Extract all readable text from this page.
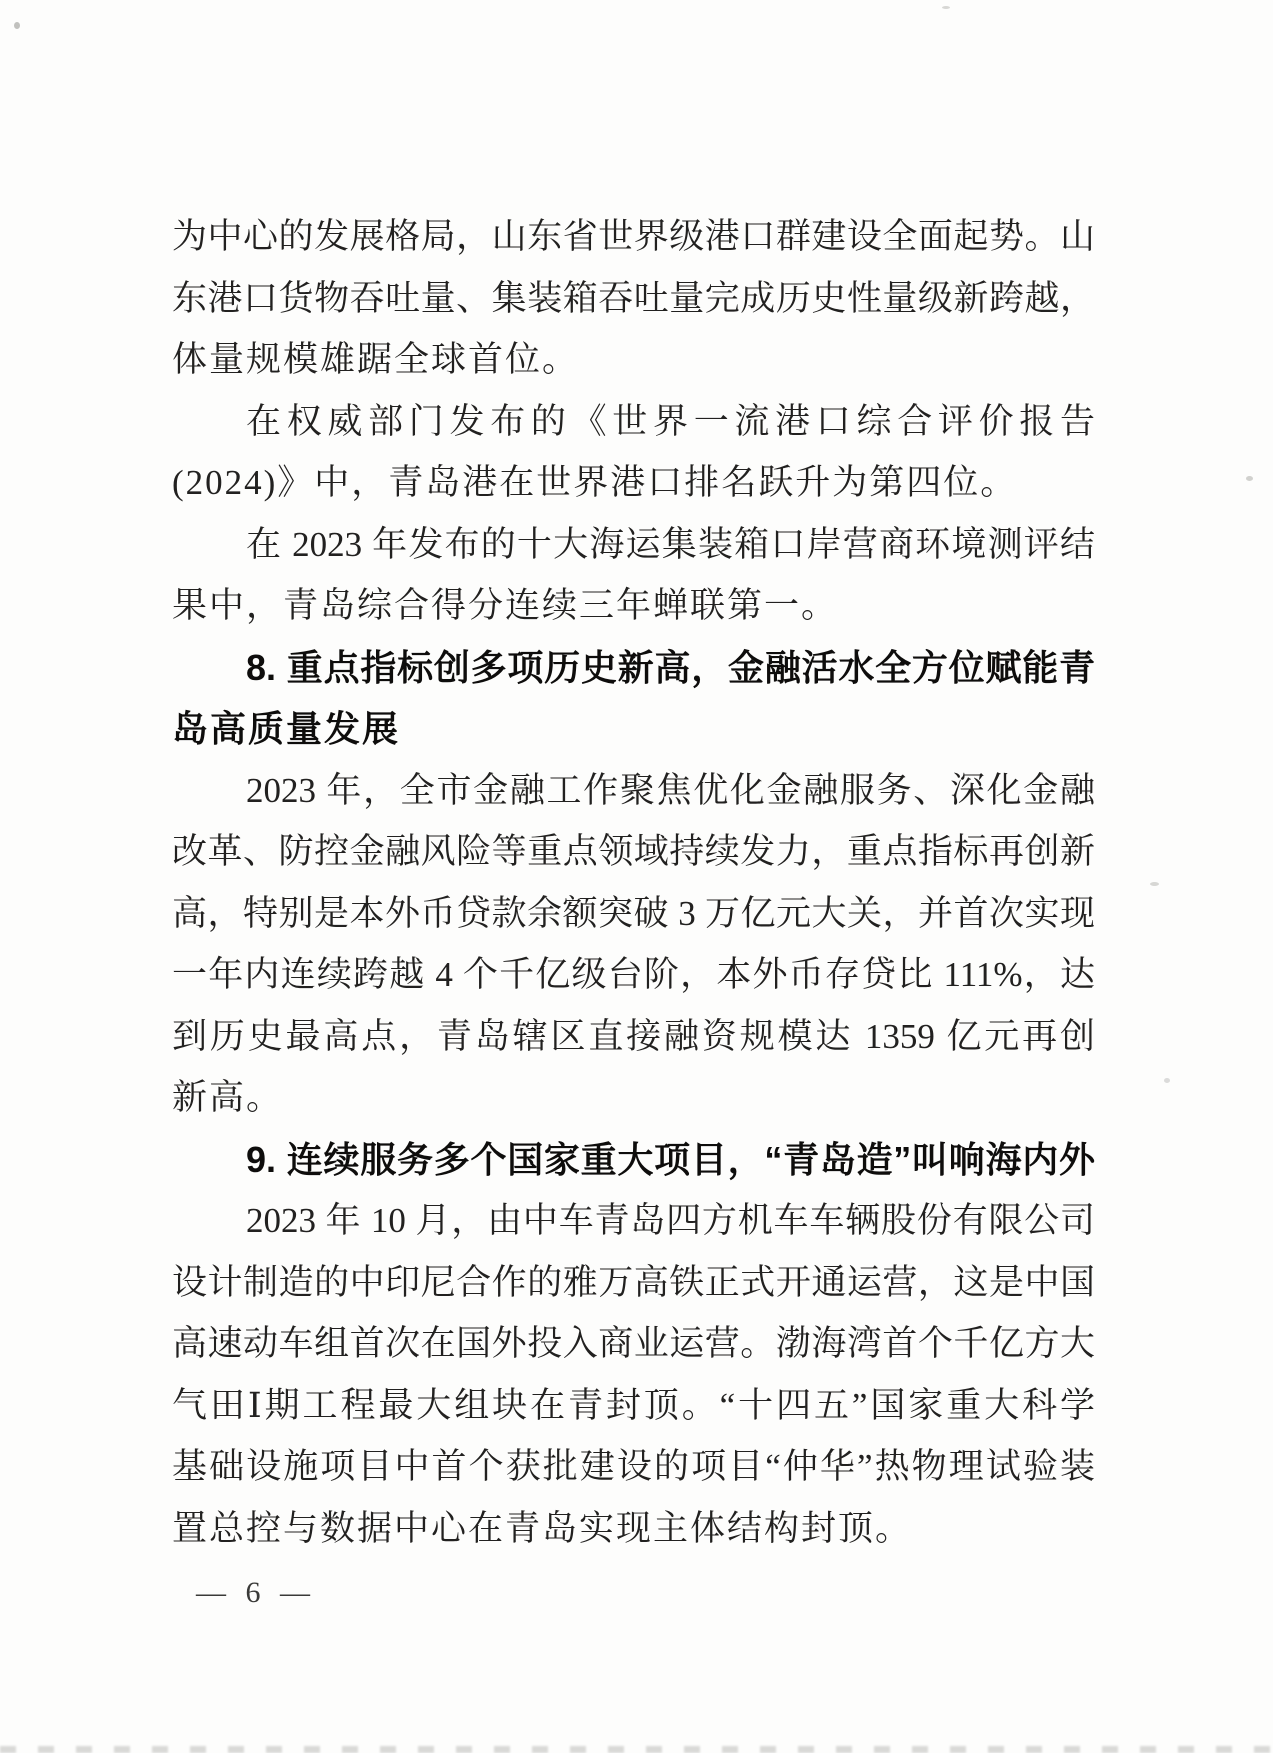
为中心的发展格局，山东省世界级港口群建设全面起势。山
东港口货物吞吐量、集装箱吞吐量完成历史性量级新跨越，
体量规模雄踞全球首位。
在权威部门发布的《世界一流港口综合评价报告
(2024)》中，青岛港在世界港口排名跃升为第四位。
在 2023 年发布的十大海运集装箱口岸营商环境测评结
果中，青岛综合得分连续三年蝉联第一。
8. 重点指标创多项历史新高，金融活水全方位赋能青
岛高质量发展
2023 年，全市金融工作聚焦优化金融服务、深化金融
改革、防控金融风险等重点领域持续发力，重点指标再创新
高，特别是本外币贷款余额突破 3 万亿元大关，并首次实现
一年内连续跨越 4 个千亿级台阶，本外币存贷比 111%，达
到历史最高点，青岛辖区直接融资规模达 1359 亿元再创
新高。
9. 连续服务多个国家重大项目，“青岛造”叫响海内外
2023 年 10 月，由中车青岛四方机车车辆股份有限公司
设计制造的中印尼合作的雅万高铁正式开通运营，这是中国
高速动车组首次在国外投入商业运营。渤海湾首个千亿方大
气田Ⅰ期工程最大组块在青封顶。“十四五”国家重大科学
基础设施项目中首个获批建设的项目“仲华”热物理试验装
置总控与数据中心在青岛实现主体结构封顶。
— 6 —
